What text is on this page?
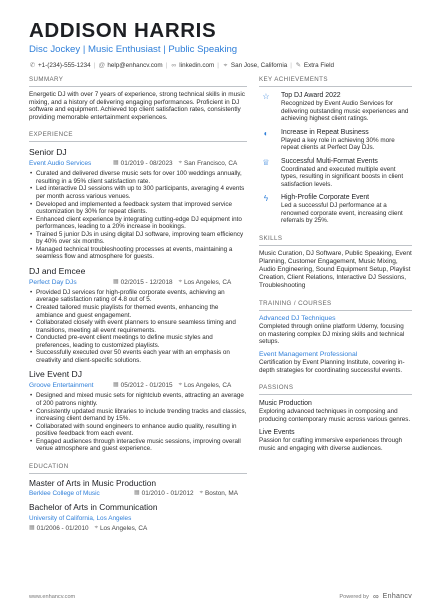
ADDISON HARRIS
Disc Jockey | Music Enthusiast | Public Speaking
✆ +1-(234)-555-1234 | @ help@enhancv.com | ∞ linkedin.com | ⌖ San Jose, California | ✎ Extra Field
SUMMARY
Energetic DJ with over 7 years of experience, strong technical skills in music mixing, and a history of delivering engaging performances. Proficient in DJ software and equipment. Achieved top client satisfaction rates, consistently providing memorable entertainment experiences.
EXPERIENCE
Senior DJ
Event Audio Services	▦ 01/2019 - 08/2023 ⌖ San Francisco, CA
• Curated and delivered diverse music sets for over 100 weddings annually, resulting in a 95% client satisfaction rate.
• Led interactive DJ sessions with up to 300 participants, averaging 4 events per month across various venues.
• Developed and implemented a feedback system that improved service customization by 30% for repeat clients.
• Enhanced client experience by integrating cutting-edge DJ equipment into performances, leading to a 20% increase in bookings.
• Trained 5 junior DJs in using digital DJ software, improving team efficiency by 40% over six months.
• Managed technical troubleshooting processes at events, maintaining a seamless flow and atmosphere for guests.
DJ and Emcee
Perfect Day DJs	▦ 02/2015 - 12/2018 ⌖ Los Angeles, CA
• Provided DJ services for high-profile corporate events, achieving an average satisfaction rating of 4.8 out of 5.
• Created tailored music playlists for themed events, enhancing the ambiance and guest engagement.
• Collaborated closely with event planners to ensure seamless timing and transitions, meeting all event requirements.
• Conducted pre-event client meetings to define music styles and preferences, leading to customized playlists.
• Successfully executed over 50 events each year with an emphasis on creativity and client-specific solutions.
Live Event DJ
Groove Entertainment	▦ 05/2012 - 01/2015 ⌖ Los Angeles, CA
• Designed and mixed music sets for nightclub events, attracting an average of 200 patrons nightly.
• Consistently updated music libraries to include trending tracks and classics, increasing client demand by 15%.
• Collaborated with sound engineers to enhance audio quality, resulting in positive feedback from each event.
• Engaged audiences through interactive music sessions, improving overall venue atmosphere and guest experience.
EDUCATION
Master of Arts in Music Production
Berklee College of Music	▦ 01/2010 - 01/2012 ⌖ Boston, MA
Bachelor of Arts in Communication
University of California, Los Angeles
▦ 01/2006 - 01/2010 ⌖ Los Angeles, CA
KEY ACHIEVEMENTS
☆	Top DJ Award 2022
Recognized by Event Audio Services for delivering outstanding music experiences and achieving highest client ratings.
◐	Increase in Repeat Business
Played a key role in achieving 30% more repeat clients at Perfect Day DJs.
♕	Successful Multi-Format Events
Coordinated and executed multiple event types, resulting in significant boosts in client satisfaction levels.
ϟ	High-Profile Corporate Event
Led a successful DJ performance at a renowned corporate event, increasing client referrals by 25%.
SKILLS
Music Curation, DJ Software, Public Speaking, Event Planning, Customer Engagement, Music Mixing, Audio Engineering, Sound Equipment Setup, Playlist Creation, Client Relations, Interactive DJ Sessions, Troubleshooting
TRAINING / COURSES
Advanced DJ Techniques
Completed through online platform Udemy, focusing on mastering complex DJ mixing skills and technical setups.
Event Management Professional
Certification by Event Planning Institute, covering in-depth strategies for coordinating successful events.
PASSIONS
Music Production
Exploring advanced techniques in composing and producing contemporary music across various genres.
Live Events
Passion for crafting immersive experiences through music and engaging with diverse audiences.
www.enhancv.com	Powered by ∞ Enhancv
